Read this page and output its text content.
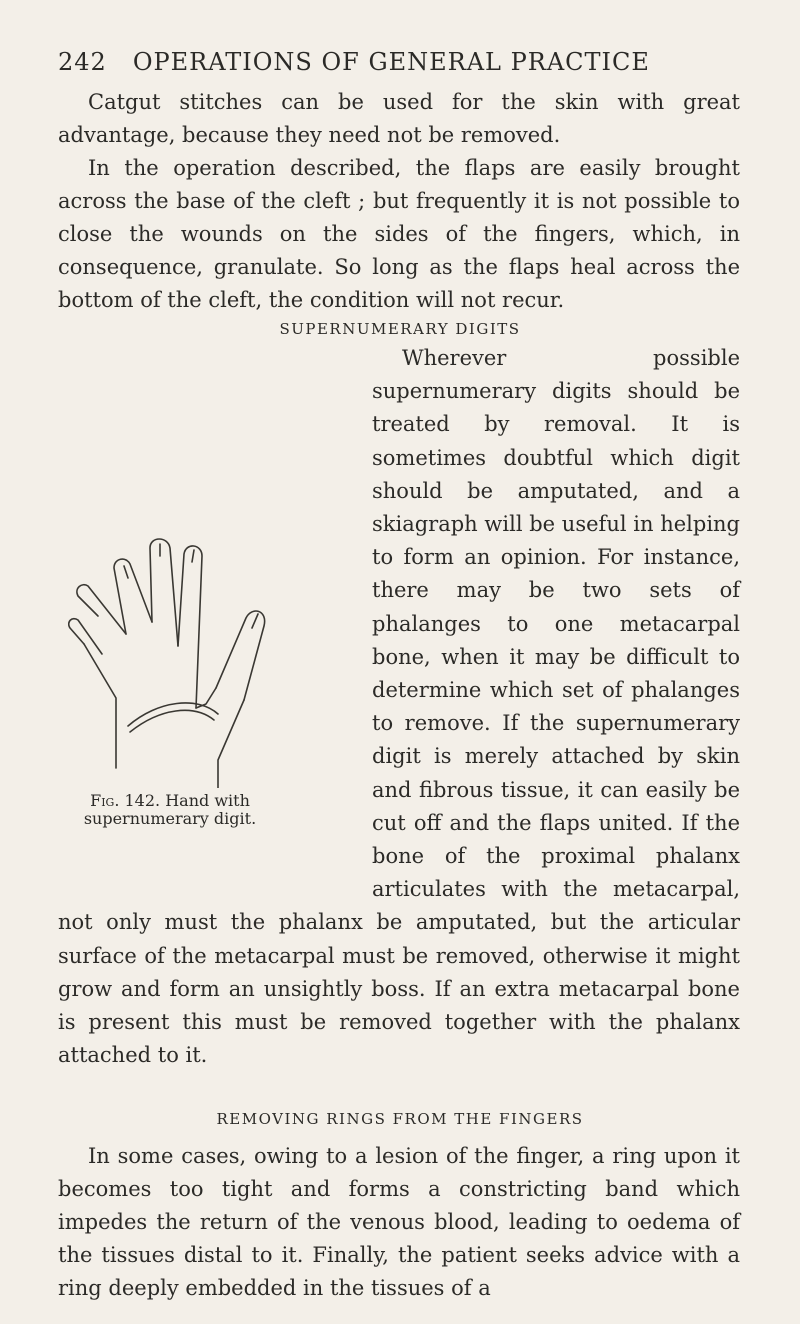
242 OPERATIONS OF GENERAL PRACTICE

Catgut stitches can be used for the skin with great advantage, because they need not be removed.

In the operation described, the flaps are easily brought across the base of the cleft ; but frequently it is not possible to close the wounds on the sides of the fingers, which, in consequence, granulate. So long as the flaps heal across the bottom of the cleft, the condition will not recur.

SUPERNUMERARY DIGITS
Fig. 142. Hand with supernumerary digit.
Wherever possible supernumerary digits should be treated by removal. It is sometimes doubtful which digit should be amputated, and a skiagraph will be useful in helping to form an opinion. For instance, there may be two sets of phalanges to one metacarpal bone, when it may be difficult to determine which set of phalanges to remove. If the supernumerary digit is merely attached by skin and fibrous tissue, it can easily be cut off and the flaps united. If the bone of the proximal phalanx articulates with the metacarpal, not only must the phalanx be amputated, but the articular surface of the metacarpal must be removed, otherwise it might grow and form an unsightly boss. If an extra metacarpal bone is present this must be removed together with the phalanx attached to it.
REMOVING RINGS FROM THE FINGERS

In some cases, owing to a lesion of the finger, a ring upon it becomes too tight and forms a constricting band which impedes the return of the venous blood, leading to oedema of the tissues distal to it. Finally, the patient seeks advice with a ring deeply embedded in the tissues of a
